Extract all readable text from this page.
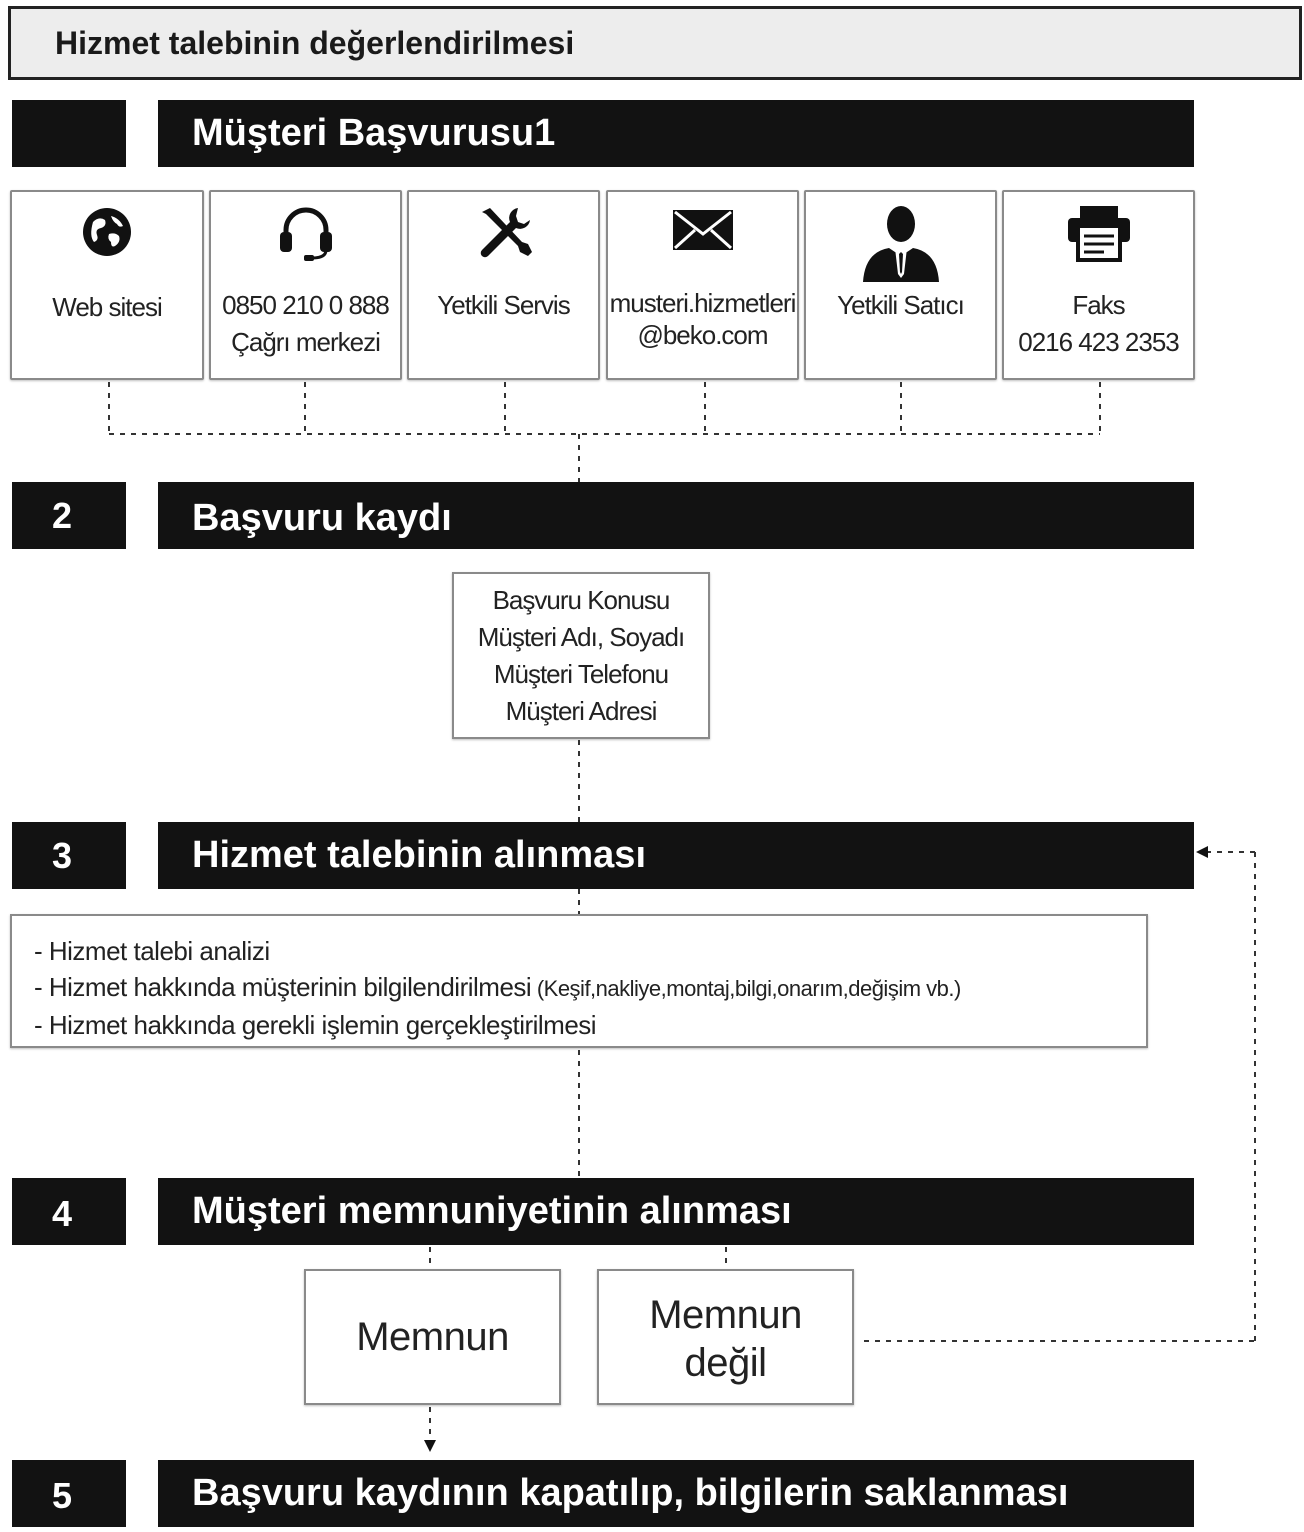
Hizmet talebinin değerlendirilmesi
Müşteri Başvurusu1
Web sitesi	0850 210 0 888
Çağrı merkezi
Yetkili Servis	musteri.hizmetleri
@beko.com
Yetkili Satıcı	Faks
0216 423 2353
2	Başvuru kaydı
Başvuru Konusu
Müşteri Adı, Soyadı
Müşteri Telefonu
Müşteri Adresi
3	Hizmet talebinin alınması
- Hizmet talebi analizi
- Hizmet hakkında müşterinin bilgilendirilmesi (Keşif,nakliye,montaj,bilgi,onarım,değişim vb.)
- Hizmet hakkında gerekli işlemin gerçekleştirilmesi
4	Müşteri memnuniyetinin alınması
Memnun	Memnun
değil
5	Başvuru kaydının kapatılıp, bilgilerin saklanması
